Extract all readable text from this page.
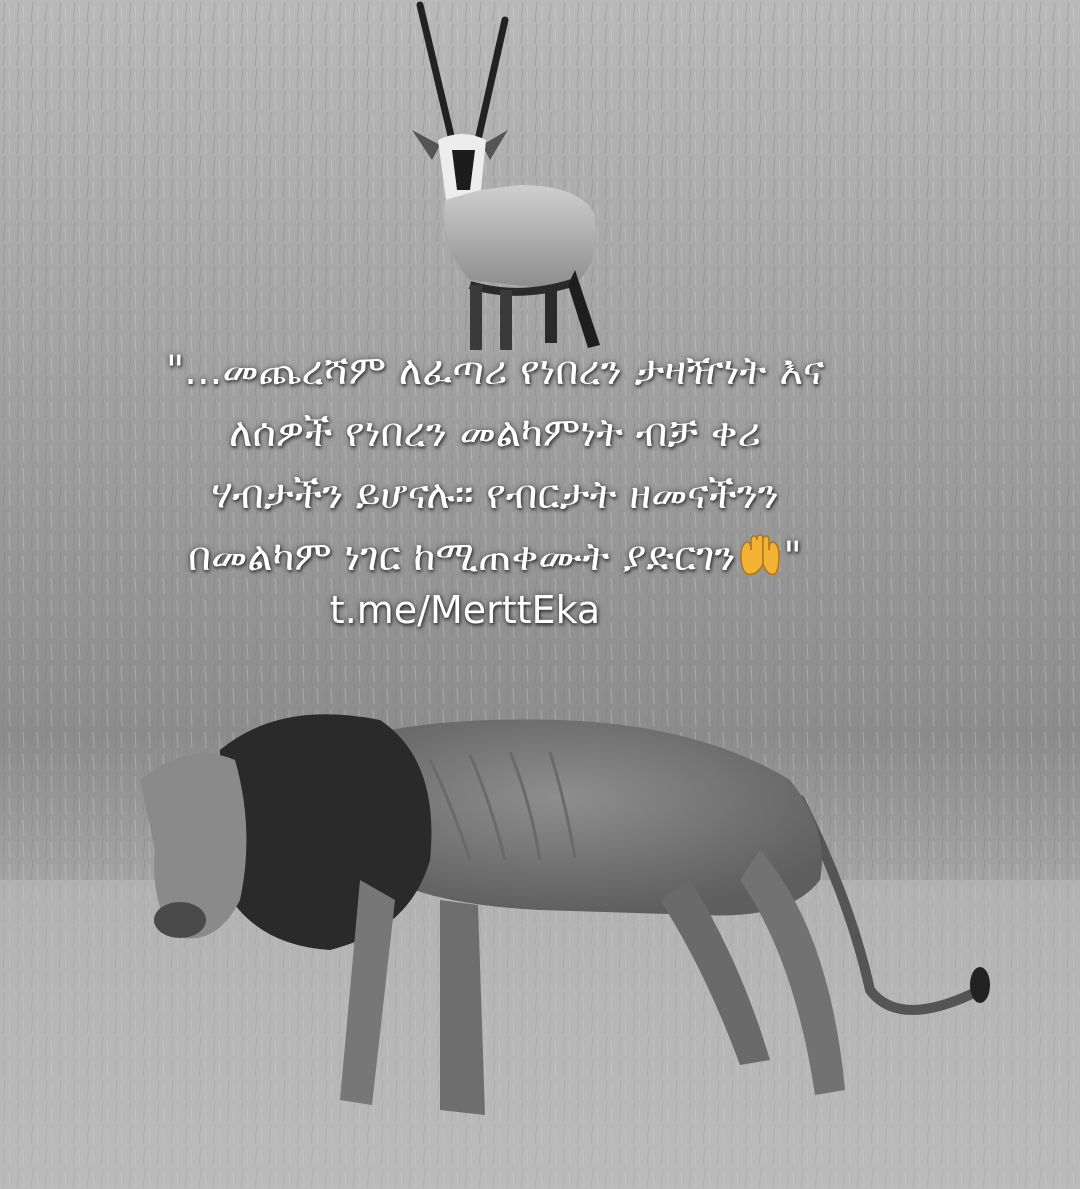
"...መጨረሻም ለፈጣሪ የነበረን ታዛዥነት እና
ለሰዎች የነበረን መልካምነት ብቻ ቀሪ
ሃብታችን ይሆናሉ። የብርታት ዘመናችንን
በመልካም ነገር ከሚጠቀሙት ያድርገን "
t.me/MerttEka
